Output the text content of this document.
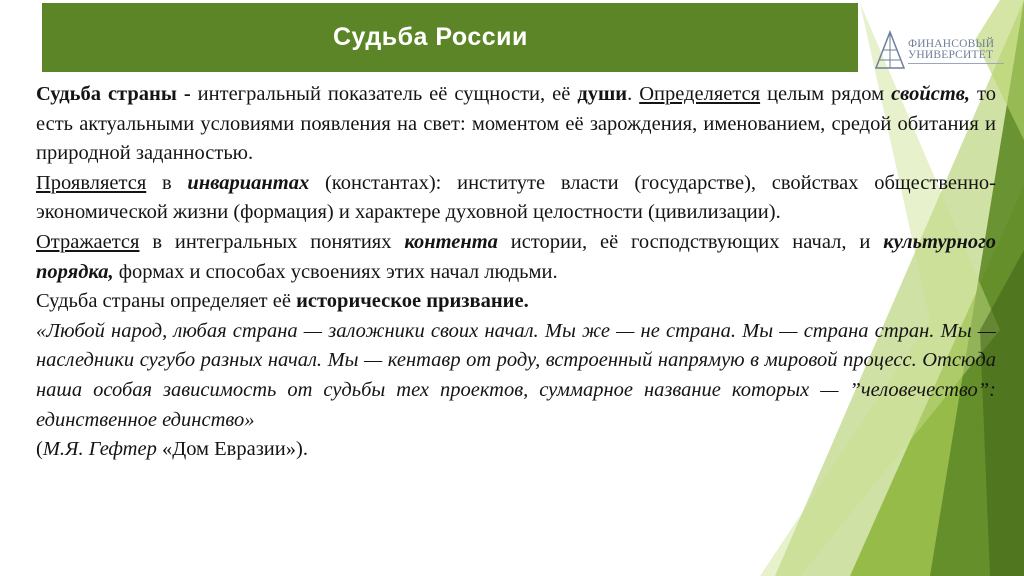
Судьба России	ФИНАНСОВЫЙ
УНИВЕРСИТЕТ

Судьба страны - интегральный показатель её сущности, её души. Определяется целым рядом свойств, то есть актуальными условиями появления на свет: моментом её зарождения, именованием, средой обитания и природной заданностью.

Проявляется в инвариантах (константах): институте власти (государстве), свойствах общественно-экономической жизни (формация) и характере духовной целостности (цивилизации).

Отражается в интегральных понятиях контента истории, её господствующих начал, и культурного порядка, формах и способах усвоениях этих начал людьми.

Судьба страны определяет её историческое призвание.

«Любой народ, любая страна — заложники своих начал. Мы же — не страна. Мы — страна стран. Мы — наследники сугубо разных начал. Мы — кентавр от роду, встроенный напрямую в мировой процесс. Отсюда наша особая зависимость от судьбы тех проектов, суммарное название которых — ”человечество”: единственное единство»

(М.Я. Гефтер «Дом Евразии»).
